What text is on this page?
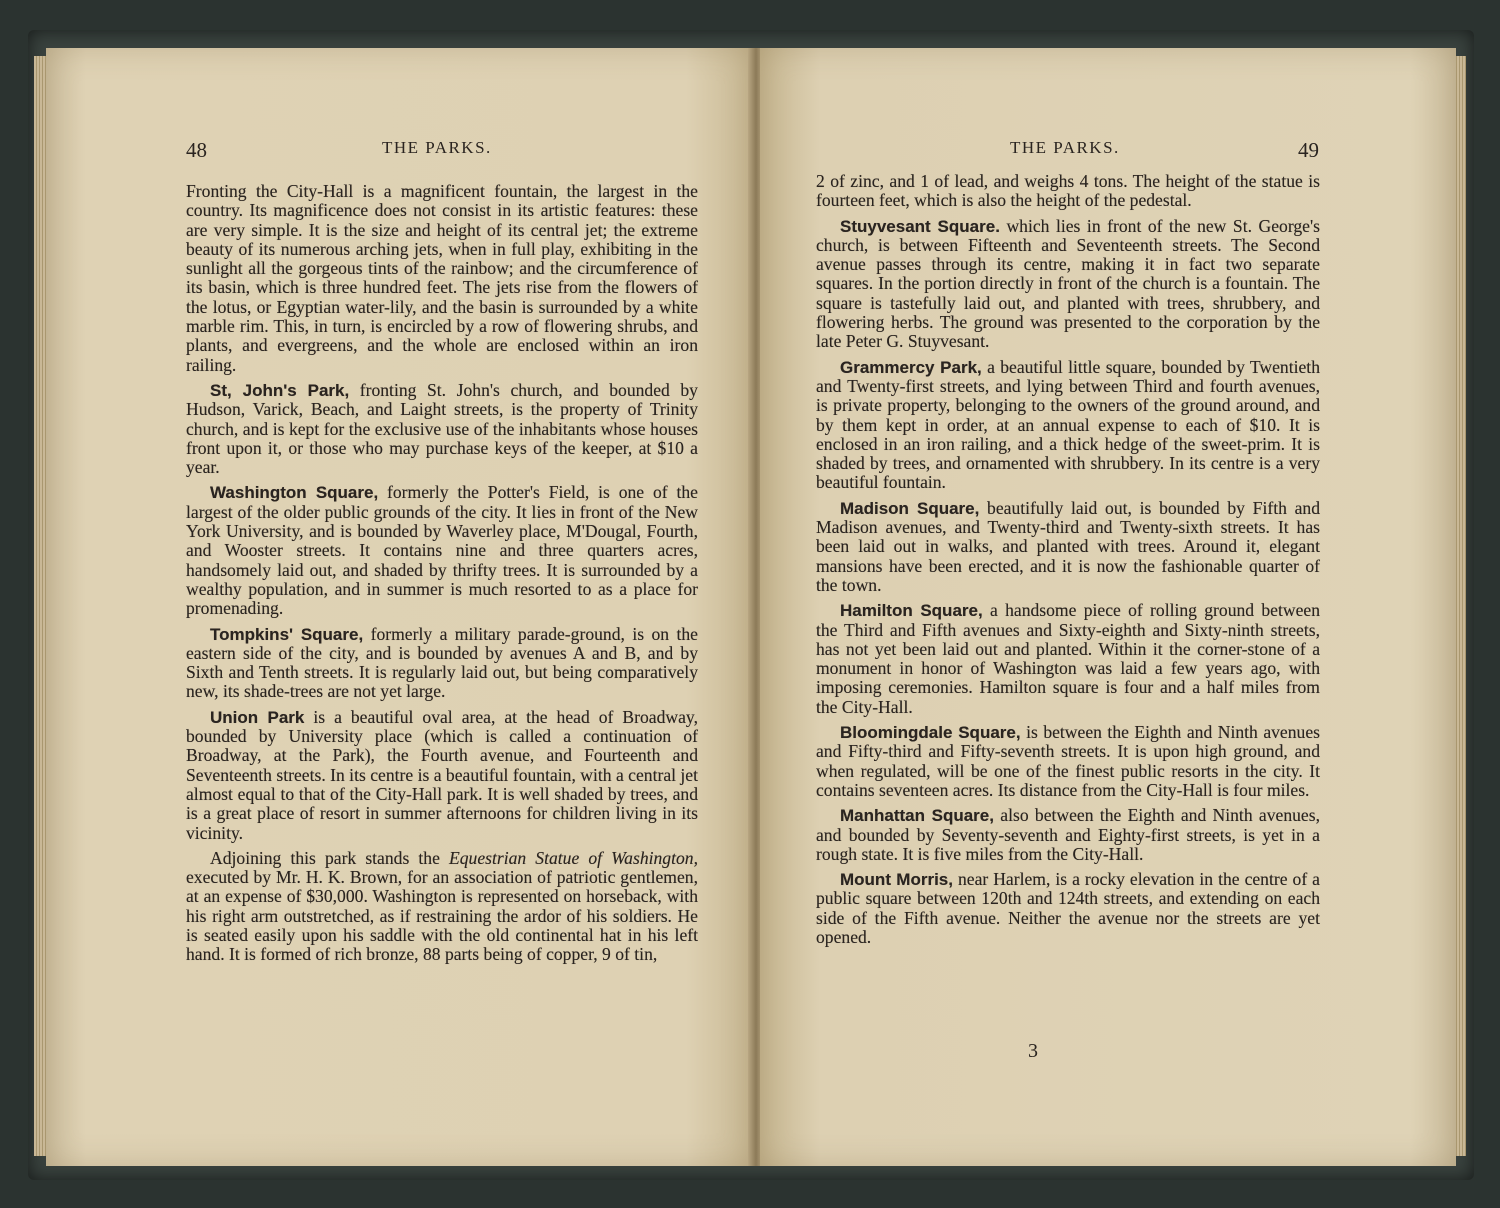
48	THE PARKS.

Fronting the City-Hall is a magnificent fountain, the largest in the country. Its magnificence does not consist in its artistic features: these are very simple. It is the size and height of its central jet; the extreme beauty of its numerous arching jets, when in full play, exhibiting in the sunlight all the gorgeous tints of the rainbow; and the circumference of its basin, which is three hundred feet. The jets rise from the flowers of the lotus, or Egyptian water-lily, and the basin is surrounded by a white marble rim. This, in turn, is encircled by a row of flowering shrubs, and plants, and evergreens, and the whole are enclosed within an iron railing.

St, John's Park, fronting St. John's church, and bounded by Hudson, Varick, Beach, and Laight streets, is the property of Trinity church, and is kept for the exclusive use of the inhabitants whose houses front upon it, or those who may purchase keys of the keeper, at $10 a year.

Washington Square, formerly the Potter's Field, is one of the largest of the older public grounds of the city. It lies in front of the New York University, and is bounded by Waverley place, M'Dougal, Fourth, and Wooster streets. It contains nine and three quarters acres, handsomely laid out, and shaded by thrifty trees. It is surrounded by a wealthy population, and in summer is much resorted to as a place for promenading.

Tompkins' Square, formerly a military parade-ground, is on the eastern side of the city, and is bounded by avenues A and B, and by Sixth and Tenth streets. It is regularly laid out, but being comparatively new, its shade-trees are not yet large.

Union Park is a beautiful oval area, at the head of Broadway, bounded by University place (which is called a continuation of Broadway, at the Park), the Fourth avenue, and Fourteenth and Seventeenth streets. In its centre is a beautiful fountain, with a central jet almost equal to that of the City-Hall park. It is well shaded by trees, and is a great place of resort in summer afternoons for children living in its vicinity.

Adjoining this park stands the Equestrian Statue of Washington, executed by Mr. H. K. Brown, for an association of patriotic gentlemen, at an expense of $30,000. Washington is represented on horseback, with his right arm outstretched, as if restraining the ardor of his soldiers. He is seated easily upon his saddle with the old continental hat in his left hand. It is formed of rich bronze, 88 parts being of copper, 9 of tin,

THE PARKS.	49

2 of zinc, and 1 of lead, and weighs 4 tons. The height of the statue is fourteen feet, which is also the height of the pedestal.

Stuyvesant Square. which lies in front of the new St. George's church, is between Fifteenth and Seventeenth streets. The Second avenue passes through its centre, making it in fact two separate squares. In the portion directly in front of the church is a fountain. The square is tastefully laid out, and planted with trees, shrubbery, and flowering herbs. The ground was presented to the corporation by the late Peter G. Stuyvesant.

Grammercy Park, a beautiful little square, bounded by Twentieth and Twenty-first streets, and lying between Third and fourth avenues, is private property, belonging to the owners of the ground around, and by them kept in order, at an annual expense to each of $10. It is enclosed in an iron railing, and a thick hedge of the sweet-prim. It is shaded by trees, and ornamented with shrubbery. In its centre is a very beautiful fountain.

Madison Square, beautifully laid out, is bounded by Fifth and Madison avenues, and Twenty-third and Twenty-sixth streets. It has been laid out in walks, and planted with trees. Around it, elegant mansions have been erected, and it is now the fashionable quarter of the town.

Hamilton Square, a handsome piece of rolling ground between the Third and Fifth avenues and Sixty-eighth and Sixty-ninth streets, has not yet been laid out and planted. Within it the corner-stone of a monument in honor of Washington was laid a few years ago, with imposing ceremonies. Hamilton square is four and a half miles from the City-Hall.

Bloomingdale Square, is between the Eighth and Ninth avenues and Fifty-third and Fifty-seventh streets. It is upon high ground, and when regulated, will be one of the finest public resorts in the city. It contains seventeen acres. Its distance from the City-Hall is four miles.

Manhattan Square, also between the Eighth and Ninth avenues, and bounded by Seventy-seventh and Eighty-first streets, is yet in a rough state. It is five miles from the City-Hall.

Mount Morris, near Harlem, is a rocky elevation in the centre of a public square between 120th and 124th streets, and extending on each side of the Fifth avenue. Neither the avenue nor the streets are yet opened.

3
